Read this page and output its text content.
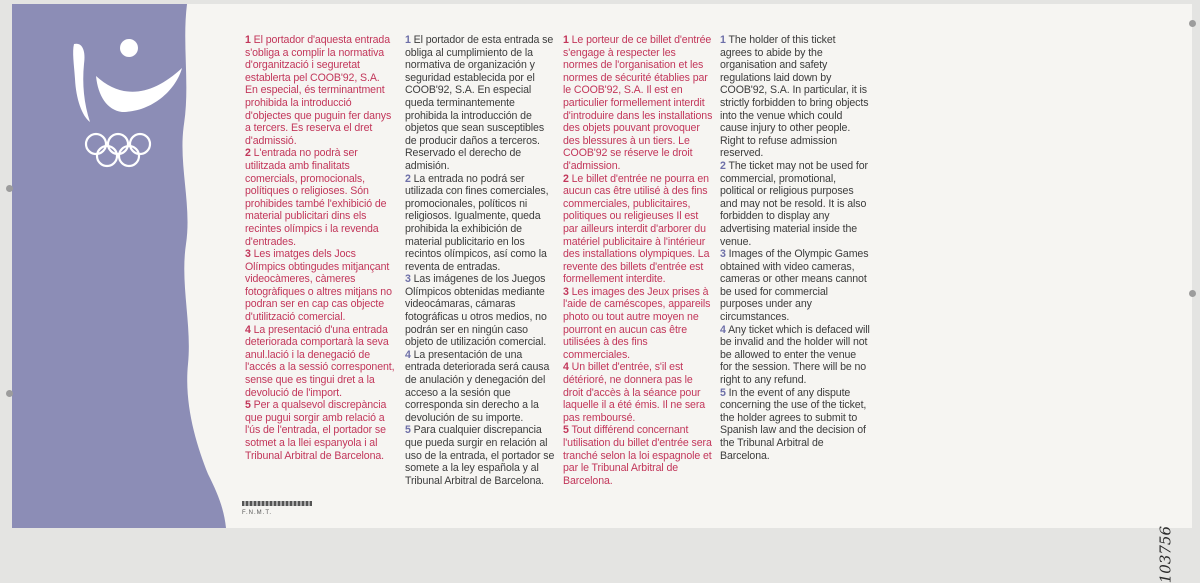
1 El portador d'aquesta entrada s'obliga a complir la normativa d'organització i seguretat establerta pel COOB'92, S.A. En especial, és terminantment prohibida la introducció d'objectes que puguin fer danys a tercers. Es reserva el dret d'admissió.

2 L'entrada no podrà ser utilitzada amb finalitats comercials, promocionals, polítiques o religioses. Són prohibides també l'exhibició de material publicitari dins els recintes olímpics i la revenda d'entrades.

3 Les imatges dels Jocs Olímpics obtingudes mitjançant videocàmeres, càmeres fotogràfiques o altres mitjans no podran ser en cap cas objecte d'utilització comercial.

4 La presentació d'una entrada deteriorada comportarà la seva anul.lació i la denegació de l'accés a la sessió corresponent, sense que es tingui dret a la devolució de l'import.

5 Per a qualsevol discrepància que pugui sorgir amb relació a l'ús de l'entrada, el portador se sotmet a la llei espanyola i al Tribunal Arbitral de Barcelona.

1 El portador de esta entrada se obliga al cumplimiento de la normativa de organización y seguridad establecida por el COOB'92, S.A. En especial queda terminantemente prohibida la introducción de objetos que sean susceptibles de producir daños a terceros. Reservado el derecho de admisión.

2 La entrada no podrá ser utilizada con fines comerciales, promocionales, políticos ni religiosos. Igualmente, queda prohibida la exhibición de material publicitario en los recintos olímpicos, así como la reventa de entradas.

3 Las imágenes de los Juegos Olímpicos obtenidas mediante videocámaras, cámaras fotográficas u otros medios, no podrán ser en ningún caso objeto de utilización comercial.

4 La presentación de una entrada deteriorada será causa de anulación y denegación del acceso a la sesión que corresponda sin derecho a la devolución de su importe.

5 Para cualquier discrepancia que pueda surgir en relación al uso de la entrada, el portador se somete a la ley española y al Tribunal Arbitral de Barcelona.

1 Le porteur de ce billet d'entrée s'engage à respecter les normes de l'organisation et les normes de sécurité établies par le COOB'92, S.A. Il est en particulier formellement interdit d'introduire dans les installations des objets pouvant provoquer des blessures à un tiers. Le COOB'92 se réserve le droit d'admission.

2 Le billet d'entrée ne pourra en aucun cas être utilisé à des fins commerciales, publicitaires, politiques ou religieuses Il est par ailleurs interdit d'arborer du matériel publicitaire à l'intérieur des installations olympiques. La revente des billets d'entrée est formellement interdite.

3 Les images des Jeux prises à l'aide de caméscopes, appareils photo ou tout autre moyen ne pourront en aucun cas être utilisées à des fins commerciales.

4 Un billet d'entrée, s'il est détérioré, ne donnera pas le droit d'accès à la séance pour laquelle il a été émis. Il ne sera pas remboursé.

5 Tout différend concernant l'utilisation du billet d'entrée sera tranché selon la loi espagnole et par le Tribunal Arbitral de Barcelona.

1 The holder of this ticket agrees to abide by the organisation and safety regulations laid down by COOB'92, S.A. In particular, it is strictly forbidden to bring objects into the venue which could cause injury to other people. Right to refuse admission reserved.

2 The ticket may not be used for commercial, promotional, political or religious purposes and may not be resold. It is also forbidden to display any advertising material inside the venue.

3 Images of the Olympic Games obtained with video cameras, cameras or other means cannot be used for commercial purposes under any circumstances.

4 Any ticket which is defaced will be invalid and the holder will not be allowed to enter the venue for the session. There will be no right to any refund.

5 In the event of any dispute concerning the use of the ticket, the holder agrees to submit to Spanish law and the decision of the Tribunal Arbitral de Barcelona.

F.N.M.T.
103756
